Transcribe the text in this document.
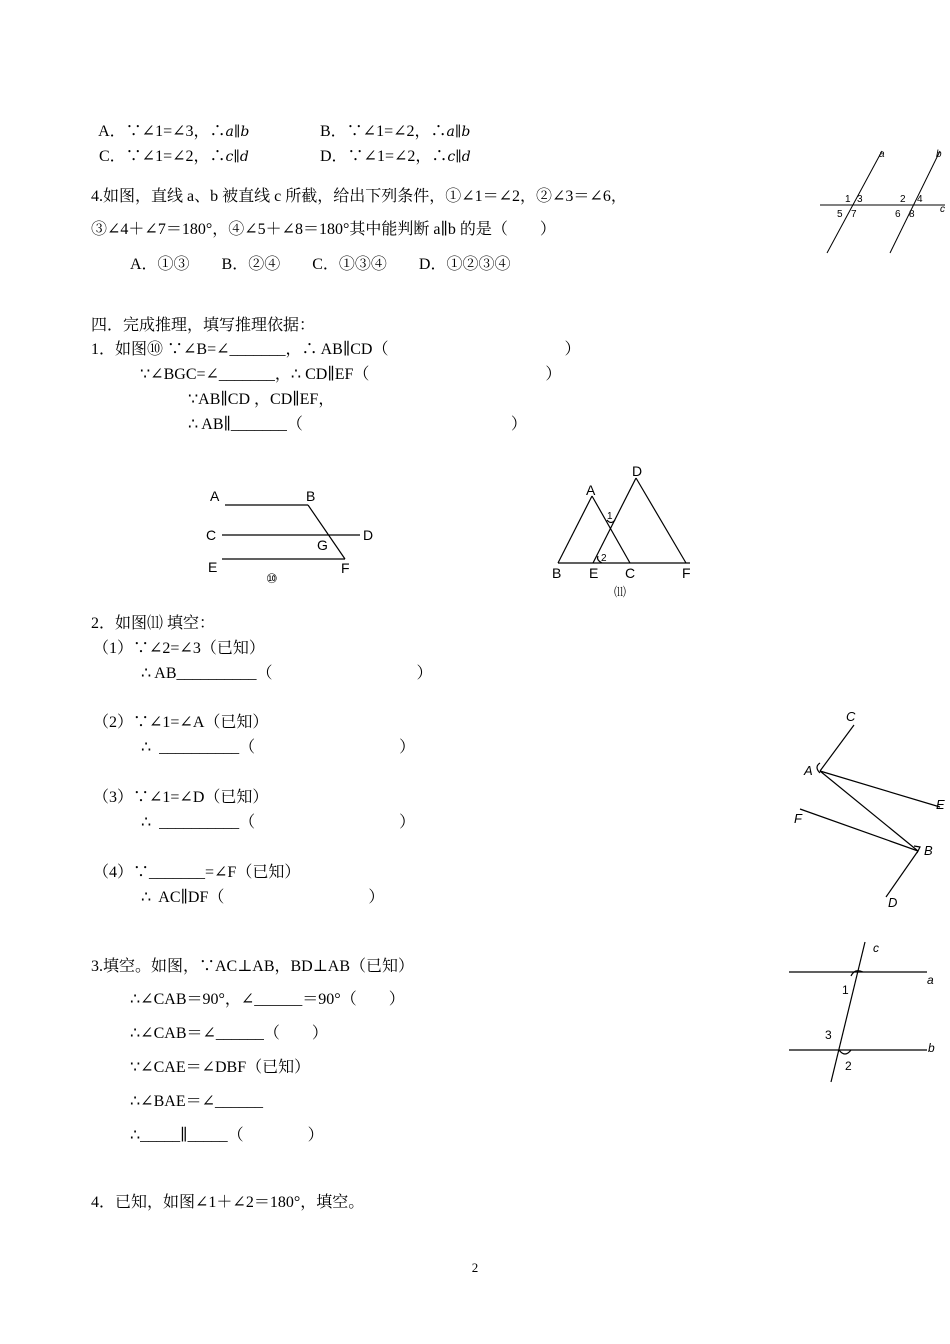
A．∵∠1=∠3，∴a∥b	B．∵∠1=∠2，∴a∥b

C．∵∠1=∠2，∴c∥d	D．∵∠1=∠2，∴c∥d

4.如图，直线 a、b 被直线 c 所截，给出下列条件，①∠1＝∠2，②∠3＝∠6，
③∠4＋∠7＝180°，④∠5＋∠8＝180°其中能判断 a∥b 的是（　　）
A．①③　　B．②④　　C．①③④　　D．①②③④
a	b
c
1 3
5 7
2 4
6 8
四．完成推理，填写推理依据：
1．如图⑩ ∵∠B=∠_______，∴ AB∥CD（　　　　　　　　　　　）
∵∠BGC=∠_______，∴ CD∥EF（　　　　　　　　　　　）
∵AB∥CD ，CD∥EF，
∴ AB∥_______（　　　　　　　　　　　　　）
A	B
C	D
G
E	F
⑩
A
D
1
2
B E C	F
⑾
2．如图⑾ 填空：
（1）∵∠2=∠3（已知）
∴ AB__________（　　　　　　　　　）
（2）∵∠1=∠A（已知）
∴  __________（　　　　　　　　　）
（3）∵∠1=∠D（已知）
∴  __________（　　　　　　　　　）
（4）∵_______=∠F（已知）
∴  AC∥DF（　　　　　　　　　）
C
A
E
F
B
D
3.填空。如图，∵AC⊥AB，BD⊥AB（已知）
∴∠CAB＝90°，∠______＝90°（　　）
∴∠CAB＝∠______（　　）
∵∠CAE＝∠DBF（已知）
∴∠BAE＝∠______
∴_____∥_____（　　　　）
c
a
b
1
3
2
4．已知，如图∠1＋∠2＝180°，填空。
2
